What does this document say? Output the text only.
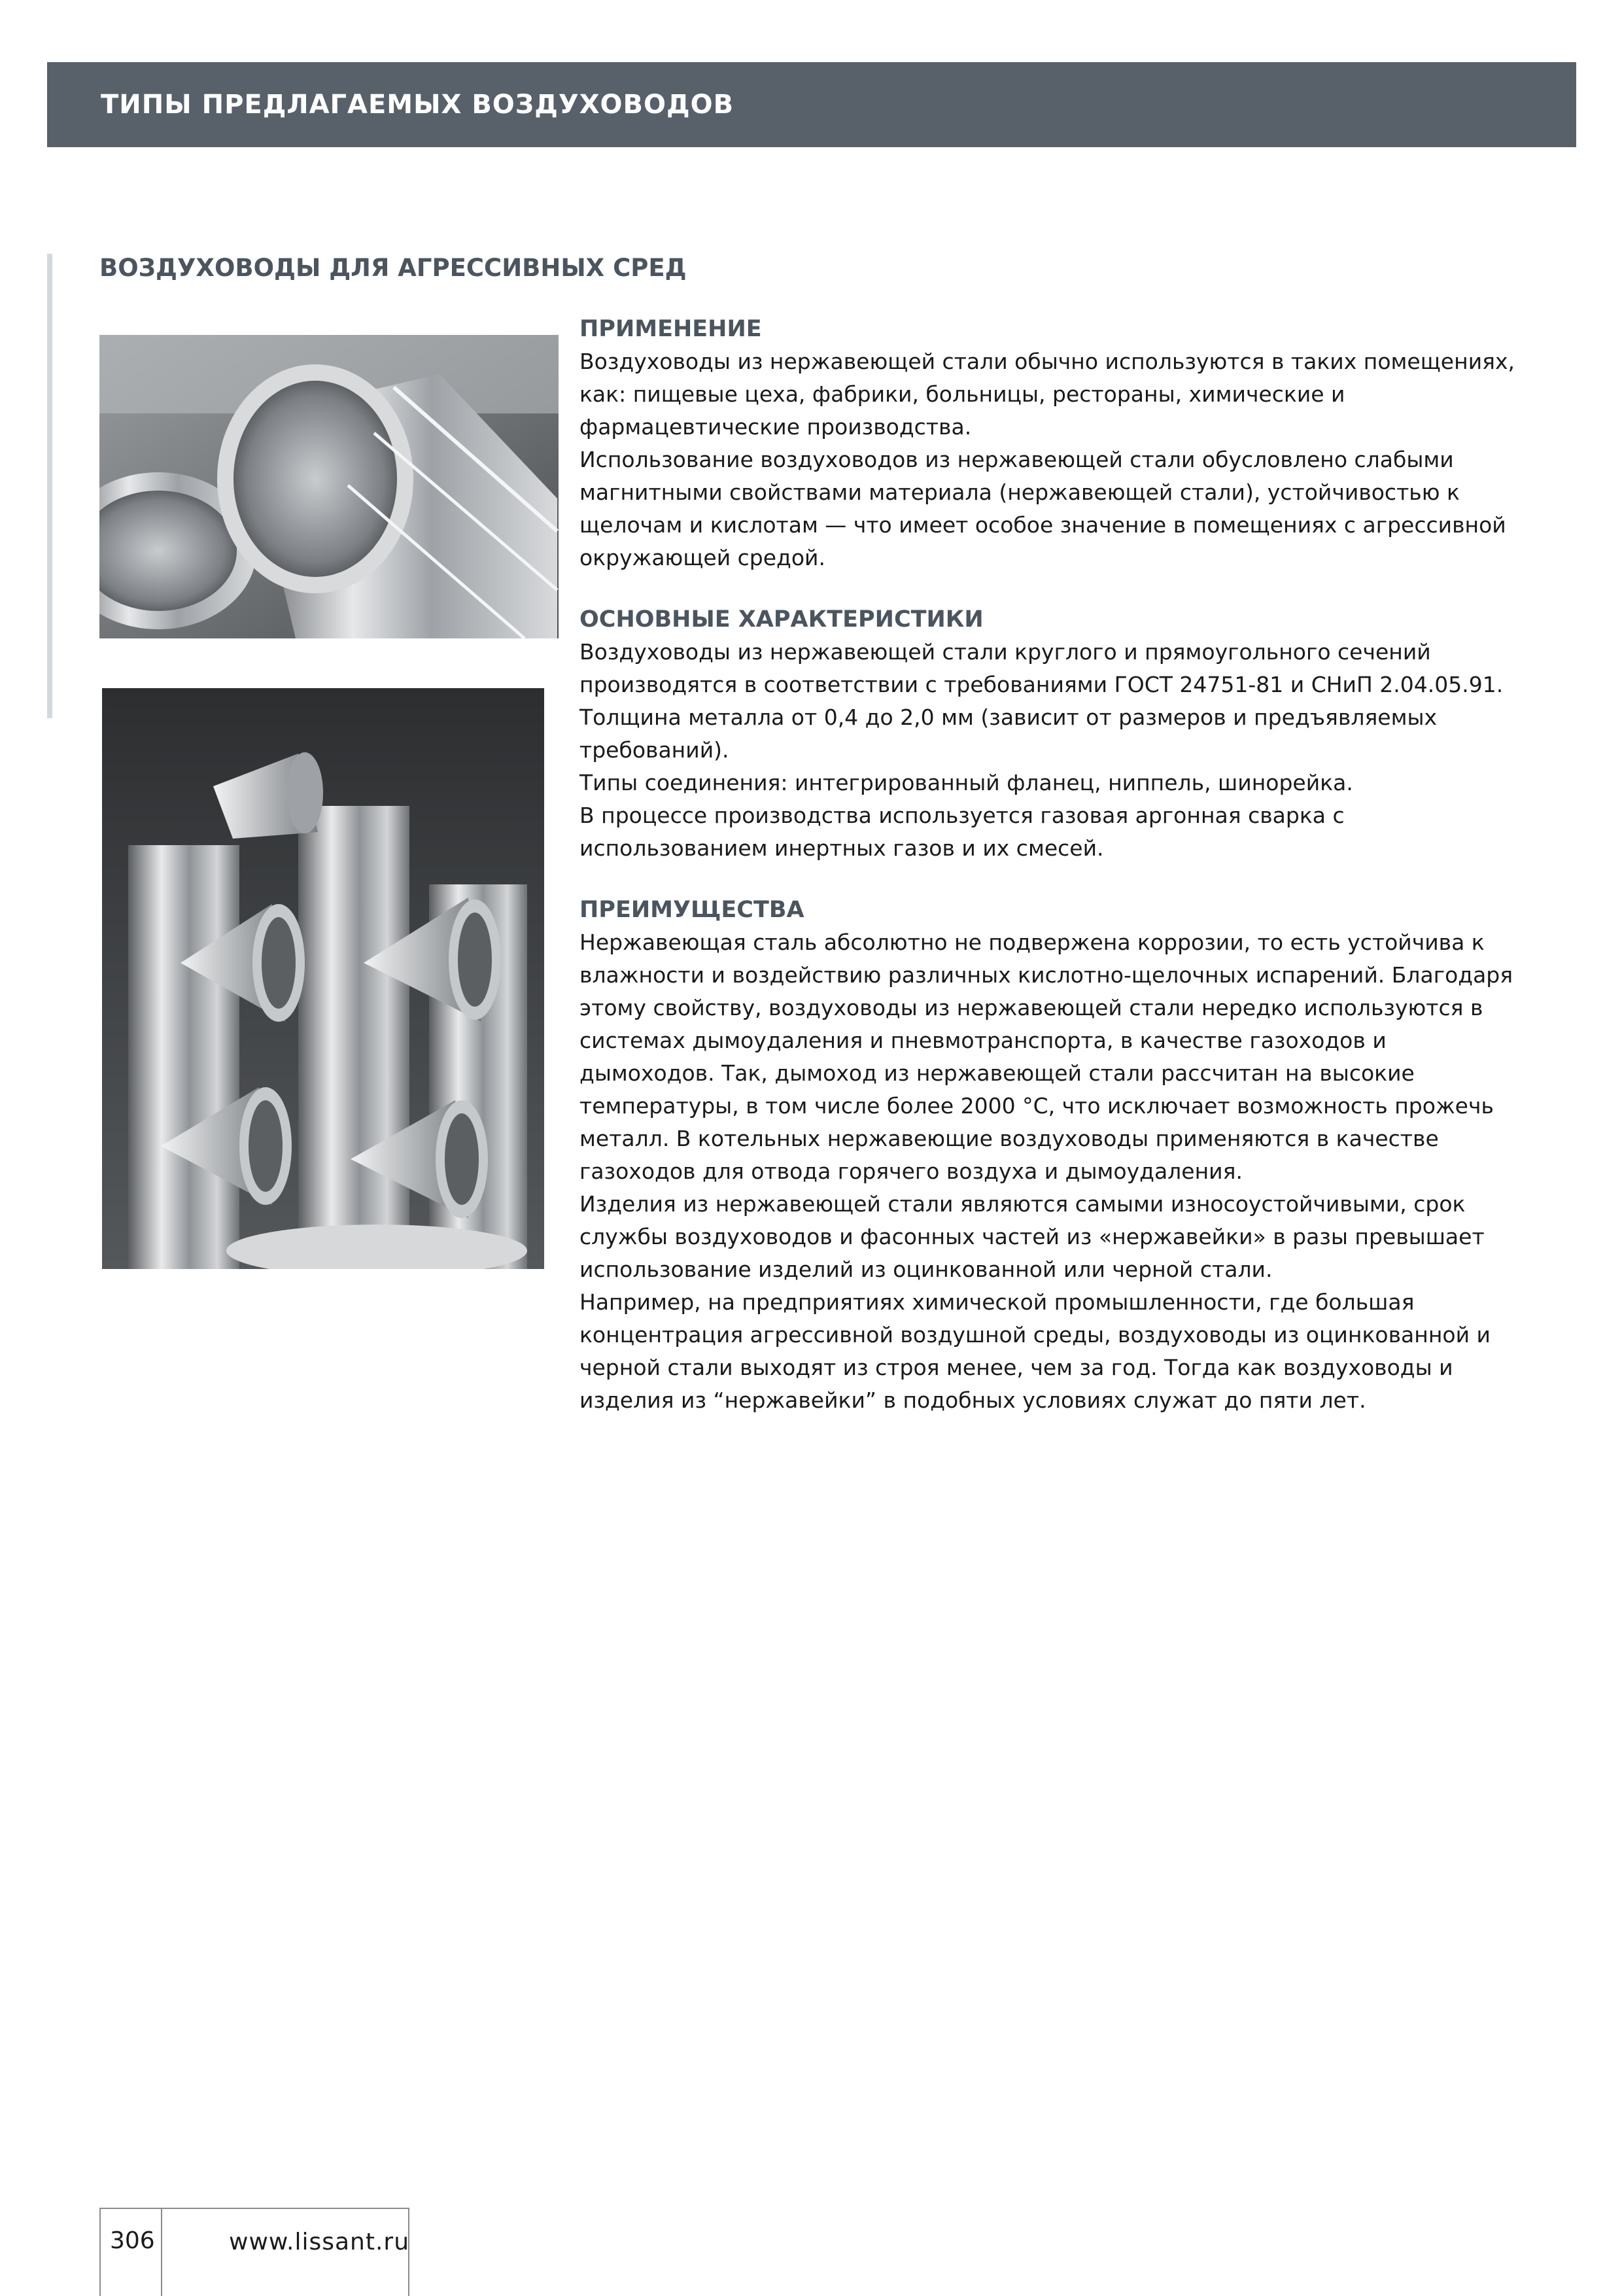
ТИПЫ ПРЕДЛАГАЕМЫХ ВОЗДУХОВОДОВ
ВОЗДУХОВОДЫ ДЛЯ АГРЕССИВНЫХ СРЕД

ПРИМЕНЕНИЕ

Воздуховоды из нержавеющей стали обычно используются в таких помещениях, как: пищевые цеха, фабрики, больницы, рестораны, химические и фармацевтические производства.

Использование воздуховодов из нержавеющей стали обусловлено слабыми магнитными свойствами материала (нержавеющей стали), устойчивостью к щелочам и кислотам — что имеет особое значение в помещениях с агрессивной окружающей средой.

ОСНОВНЫЕ ХАРАКТЕРИСТИКИ

Воздуховоды из нержавеющей стали круглого и прямоугольного сечений производятся в соответствии с требованиями ГОСТ 24751-81 и СНиП 2.04.05.91.

Толщина металла от 0,4 до 2,0 мм (зависит от размеров и предъявляемых требований).

Типы соединения: интегрированный фланец, ниппель, шинорейка.

В процессе производства используется газовая аргонная сварка с использованием инертных газов и их смесей.

ПРЕИМУЩЕСТВА

Нержавеющая сталь абсолютно не подвержена коррозии, то есть устойчива к влажности и воздействию различных кислотно-щелочных испарений. Благодаря этому свойству, воздуховоды из нержавеющей стали нередко используются в системах дымоудаления и пневмотранспорта, в качестве газоходов и дымоходов. Так, дымоход из нержавеющей стали рассчитан на высокие температуры, в том числе более 2000 °С, что исключает возможность прожечь металл. В котельных нержавеющие воздуховоды применяются в качестве газоходов для отвода горячего воздуха и дымоудаления.

Изделия из нержавеющей стали являются самыми износоустойчивыми, срок службы воздуховодов и фасонных частей из «нержавейки» в разы превышает использование изделий из оцинкованной или черной стали.

Например, на предприятиях химической промышленности, где большая концентрация агрессивной воздушной среды, воздуховоды из оцинкованной и черной стали выходят из строя менее, чем за год. Тогда как воздуховоды и изделия из “нержавейки” в подобных условиях служат до пяти лет.

306	www.lissant.ru
